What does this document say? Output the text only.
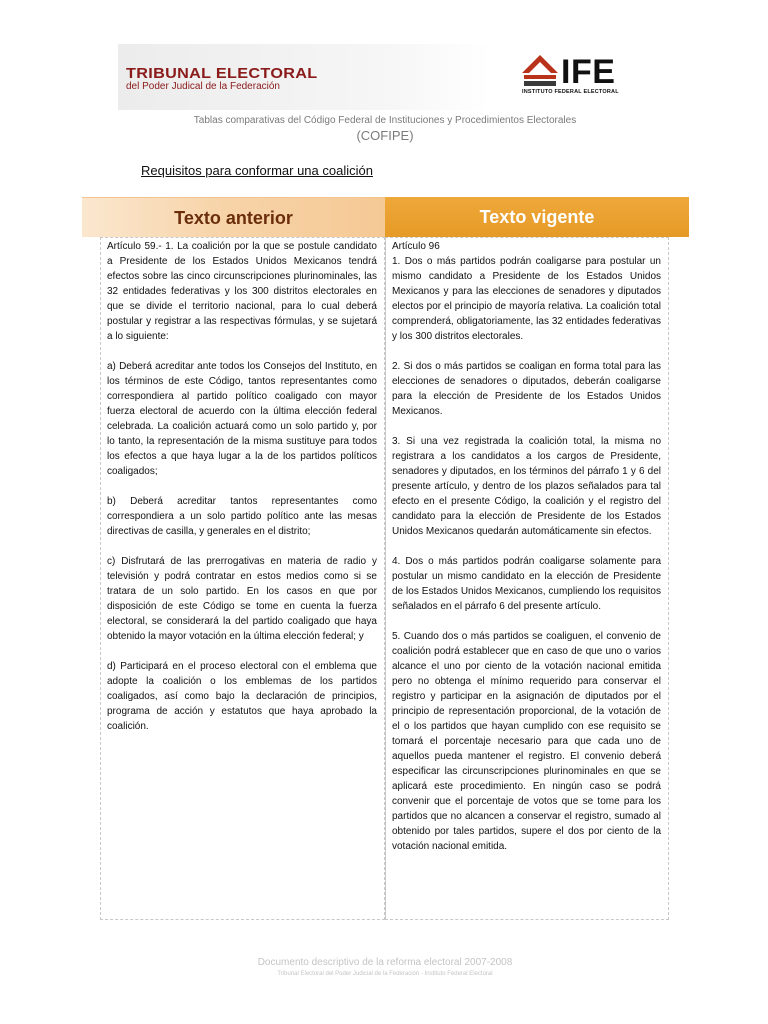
TRIBUNAL ELECTORAL
del Poder Judical de la Federación	IFE
INSTITUTO FEDERAL ELECTORAL
Tablas comparativas del Código Federal de Instituciones y Procedimientos Electorales
(COFIPE)
Requisitos para conformar una coalición
Texto anterior	Texto vigente

Artículo 59.- 1. La coalición por la que se postule candidato a Presidente de los Estados Unidos Mexicanos tendrá efectos sobre las cinco circunscripciones plurinominales, las 32 entidades federativas y los 300 distritos electorales en que se divide el territorio nacional, para lo cual deberá postular y registrar a las respectivas fórmulas, y se sujetará a lo siguiente:

a) Deberá acreditar ante todos los Consejos del Instituto, en los términos de este Código, tantos representantes como correspondiera al partido político coaligado con mayor fuerza electoral de acuerdo con la última elección federal celebrada. La coalición actuará como un solo partido y, por lo tanto, la representación de la misma sustituye para todos los efectos a que haya lugar a la de los partidos políticos coaligados;

b) Deberá acreditar tantos representantes como correspondiera a un solo partido político ante las mesas directivas de casilla, y generales en el distrito;

c) Disfrutará de las prerrogativas en materia de radio y televisión y podrá contratar en estos medios como si se tratara de un solo partido. En los casos en que por disposición de este Código se tome en cuenta la fuerza electoral, se considerará la del partido coaligado que haya obtenido la mayor votación en la última elección federal; y

d) Participará en el proceso electoral con el emblema que adopte la coalición o los emblemas de los partidos coaligados, así como bajo la declaración de principios, programa de acción y estatutos que haya aprobado la coalición.

Artículo 96

1. Dos o más partidos podrán coaligarse para postular un mismo candidato a Presidente de los Estados Unidos Mexicanos y para las elecciones de senadores y diputados electos por el principio de mayoría relativa. La coalición total comprenderá, obligatoriamente, las 32 entidades federativas y los 300 distritos electorales.

2. Si dos o más partidos se coaligan en forma total para las elecciones de senadores o diputados, deberán coaligarse para la elección de Presidente de los Estados Unidos Mexicanos.

3. Si una vez registrada la coalición total, la misma no registrara a los candidatos a los cargos de Presidente, senadores y diputados, en los términos del párrafo 1 y 6 del presente artículo, y dentro de los plazos señalados para tal efecto en el presente Código, la coalición y el registro del candidato para la elección de Presidente de los Estados Unidos Mexicanos quedarán automáticamente sin efectos.

4. Dos o más partidos podrán coaligarse solamente para postular un mismo candidato en la elección de Presidente de los Estados Unidos Mexicanos, cumpliendo los requisitos señalados en el párrafo 6 del presente artículo.

5. Cuando dos o más partidos se coaliguen, el convenio de coalición podrá establecer que en caso de que uno o varios alcance el uno por ciento de la votación nacional emitida pero no obtenga el mínimo requerido para conservar el registro y participar en la asignación de diputados por el principio de representación proporcional, de la votación de el o los partidos que hayan cumplido con ese requisito se tomará el porcentaje necesario para que cada uno de aquellos pueda mantener el registro. El convenio deberá especificar las circunscripciones plurinominales en que se aplicará este procedimiento. En ningún caso se podrá convenir que el porcentaje de votos que se tome para los partidos que no alcancen a conservar el registro, sumado al obtenido por tales partidos, supere el dos por ciento de la votación nacional emitida.

Documento descriptivo de la reforma electoral 2007-2008
Tribunal Electoral del Poder Judicial de la Federación - Instituto Federal Electoral
